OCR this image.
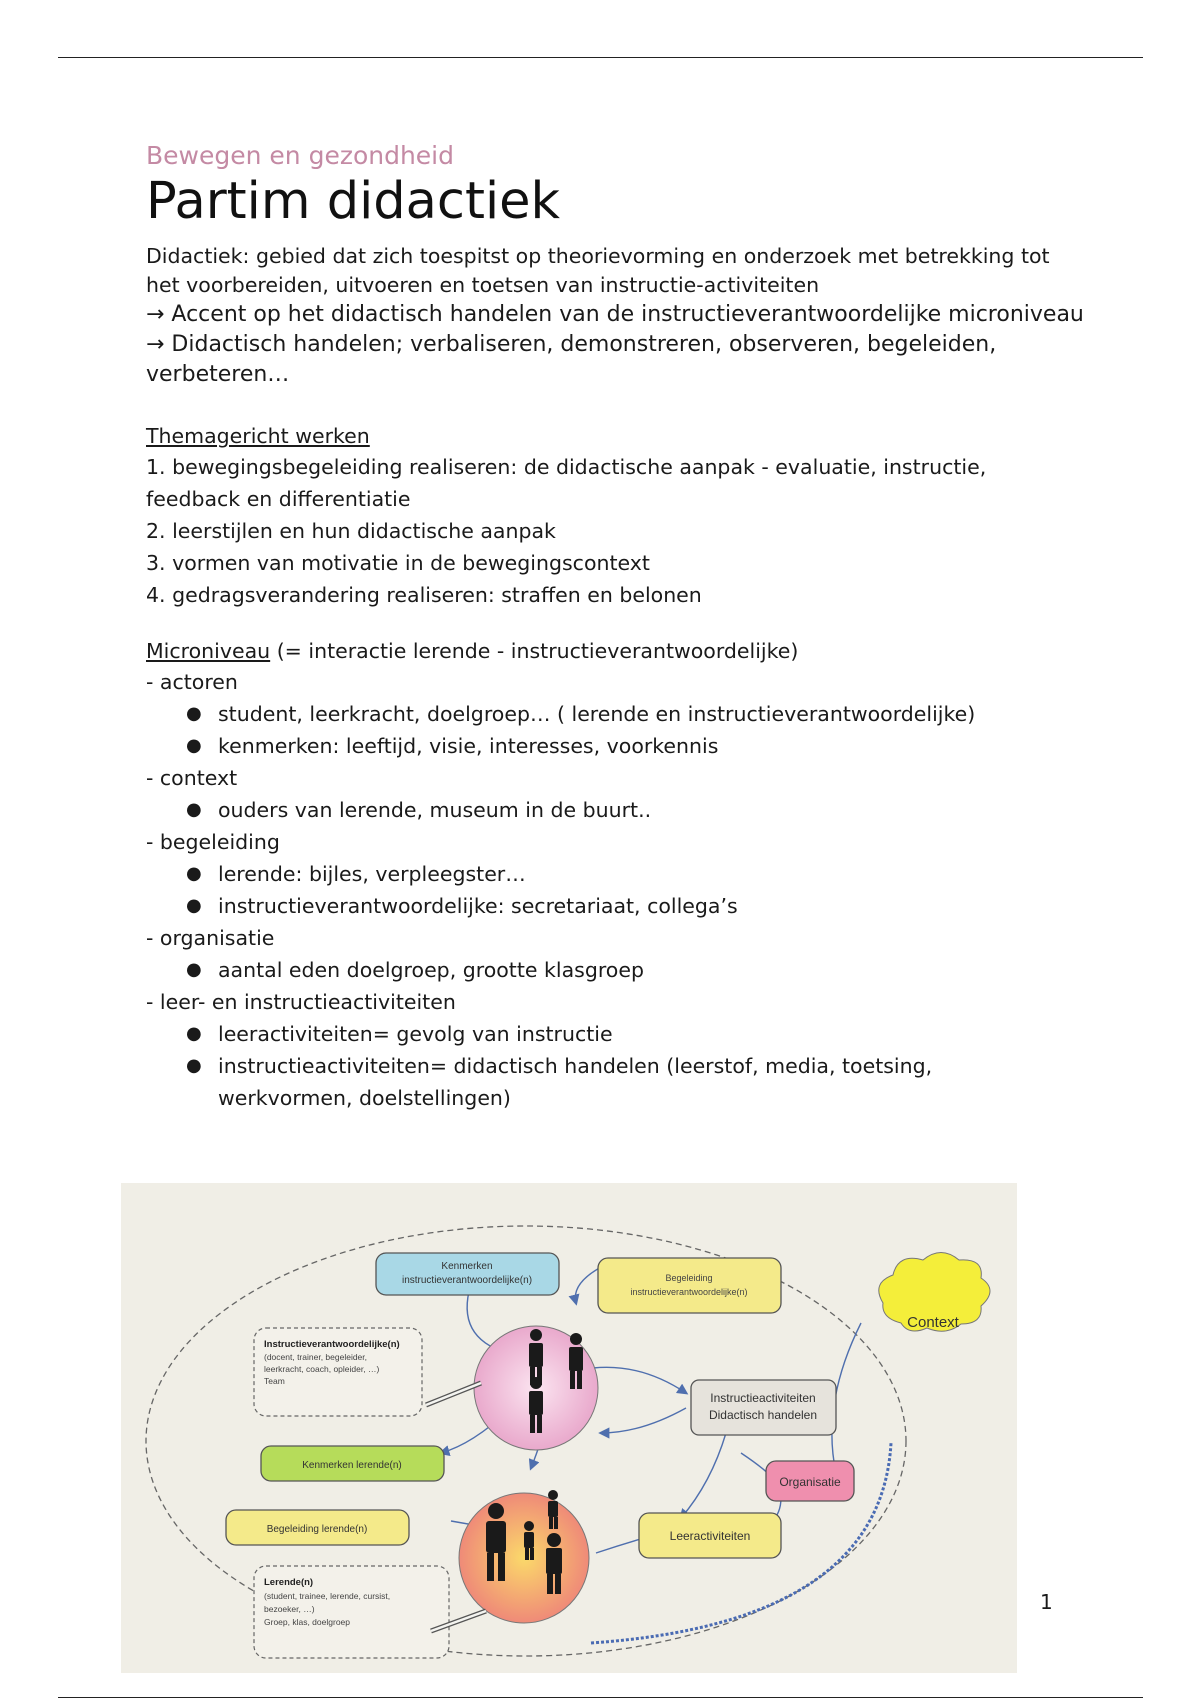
Bewegen en gezondheid
Partim didactiek

Didactiek: gebied dat zich toespitst op theorievorming en onderzoek met betrekking tot het voorbereiden, uitvoeren en toetsen van instructie-activiteiten

→ Accent op het didactisch handelen van de instructieverantwoordelijke microniveau

→ Didactisch handelen; verbaliseren, demonstreren, observeren, begeleiden, verbeteren…

Themagericht werken
1. bewegingsbegeleiding realiseren: de didactische aanpak - evaluatie, instructie, feedback en differentiatie
2. leerstijlen en hun didactische aanpak
3. vormen van motivatie in de bewegingscontext
4. gedragsverandering realiseren: straffen en belonen
Microniveau (= interactie lerende - instructieverantwoordelijke)
- actoren
● student, leerkracht, doelgroep… ( lerende en instructieverantwoordelijke)
● kenmerken: leeftijd, visie, interesses, voorkennis
- context
● ouders van lerende, museum in de buurt..
- begeleiding
● lerende: bijles, verpleegster…
● instructieverantwoordelijke: secretariaat, collega’s
- organisatie
● aantal eden doelgroep, grootte klasgroep
- leer- en instructieactiviteiten
● leeractiviteiten= gevolg van instructie
● instructieactiviteiten= didactisch handelen (leerstof, media, toetsing, werkvormen, doelstellingen)
Kenmerken
instructieverantwoordelijke(n)	Begeleiding
instructieverantwoordelijke(n)
Context
Instructieverantwoordelijke(n)
(docent, trainer, begeleider,
leerkracht, coach, opleider, …)
Team
Instructieactiviteiten
Didactisch handelen
Kenmerken lerende(n)
Organisatie
Begeleiding lerende(n)	Leeractiviteiten
Lerende(n)
(student, trainee, lerende, cursist,
bezoeker, …)
Groep, klas, doelgroep
1
